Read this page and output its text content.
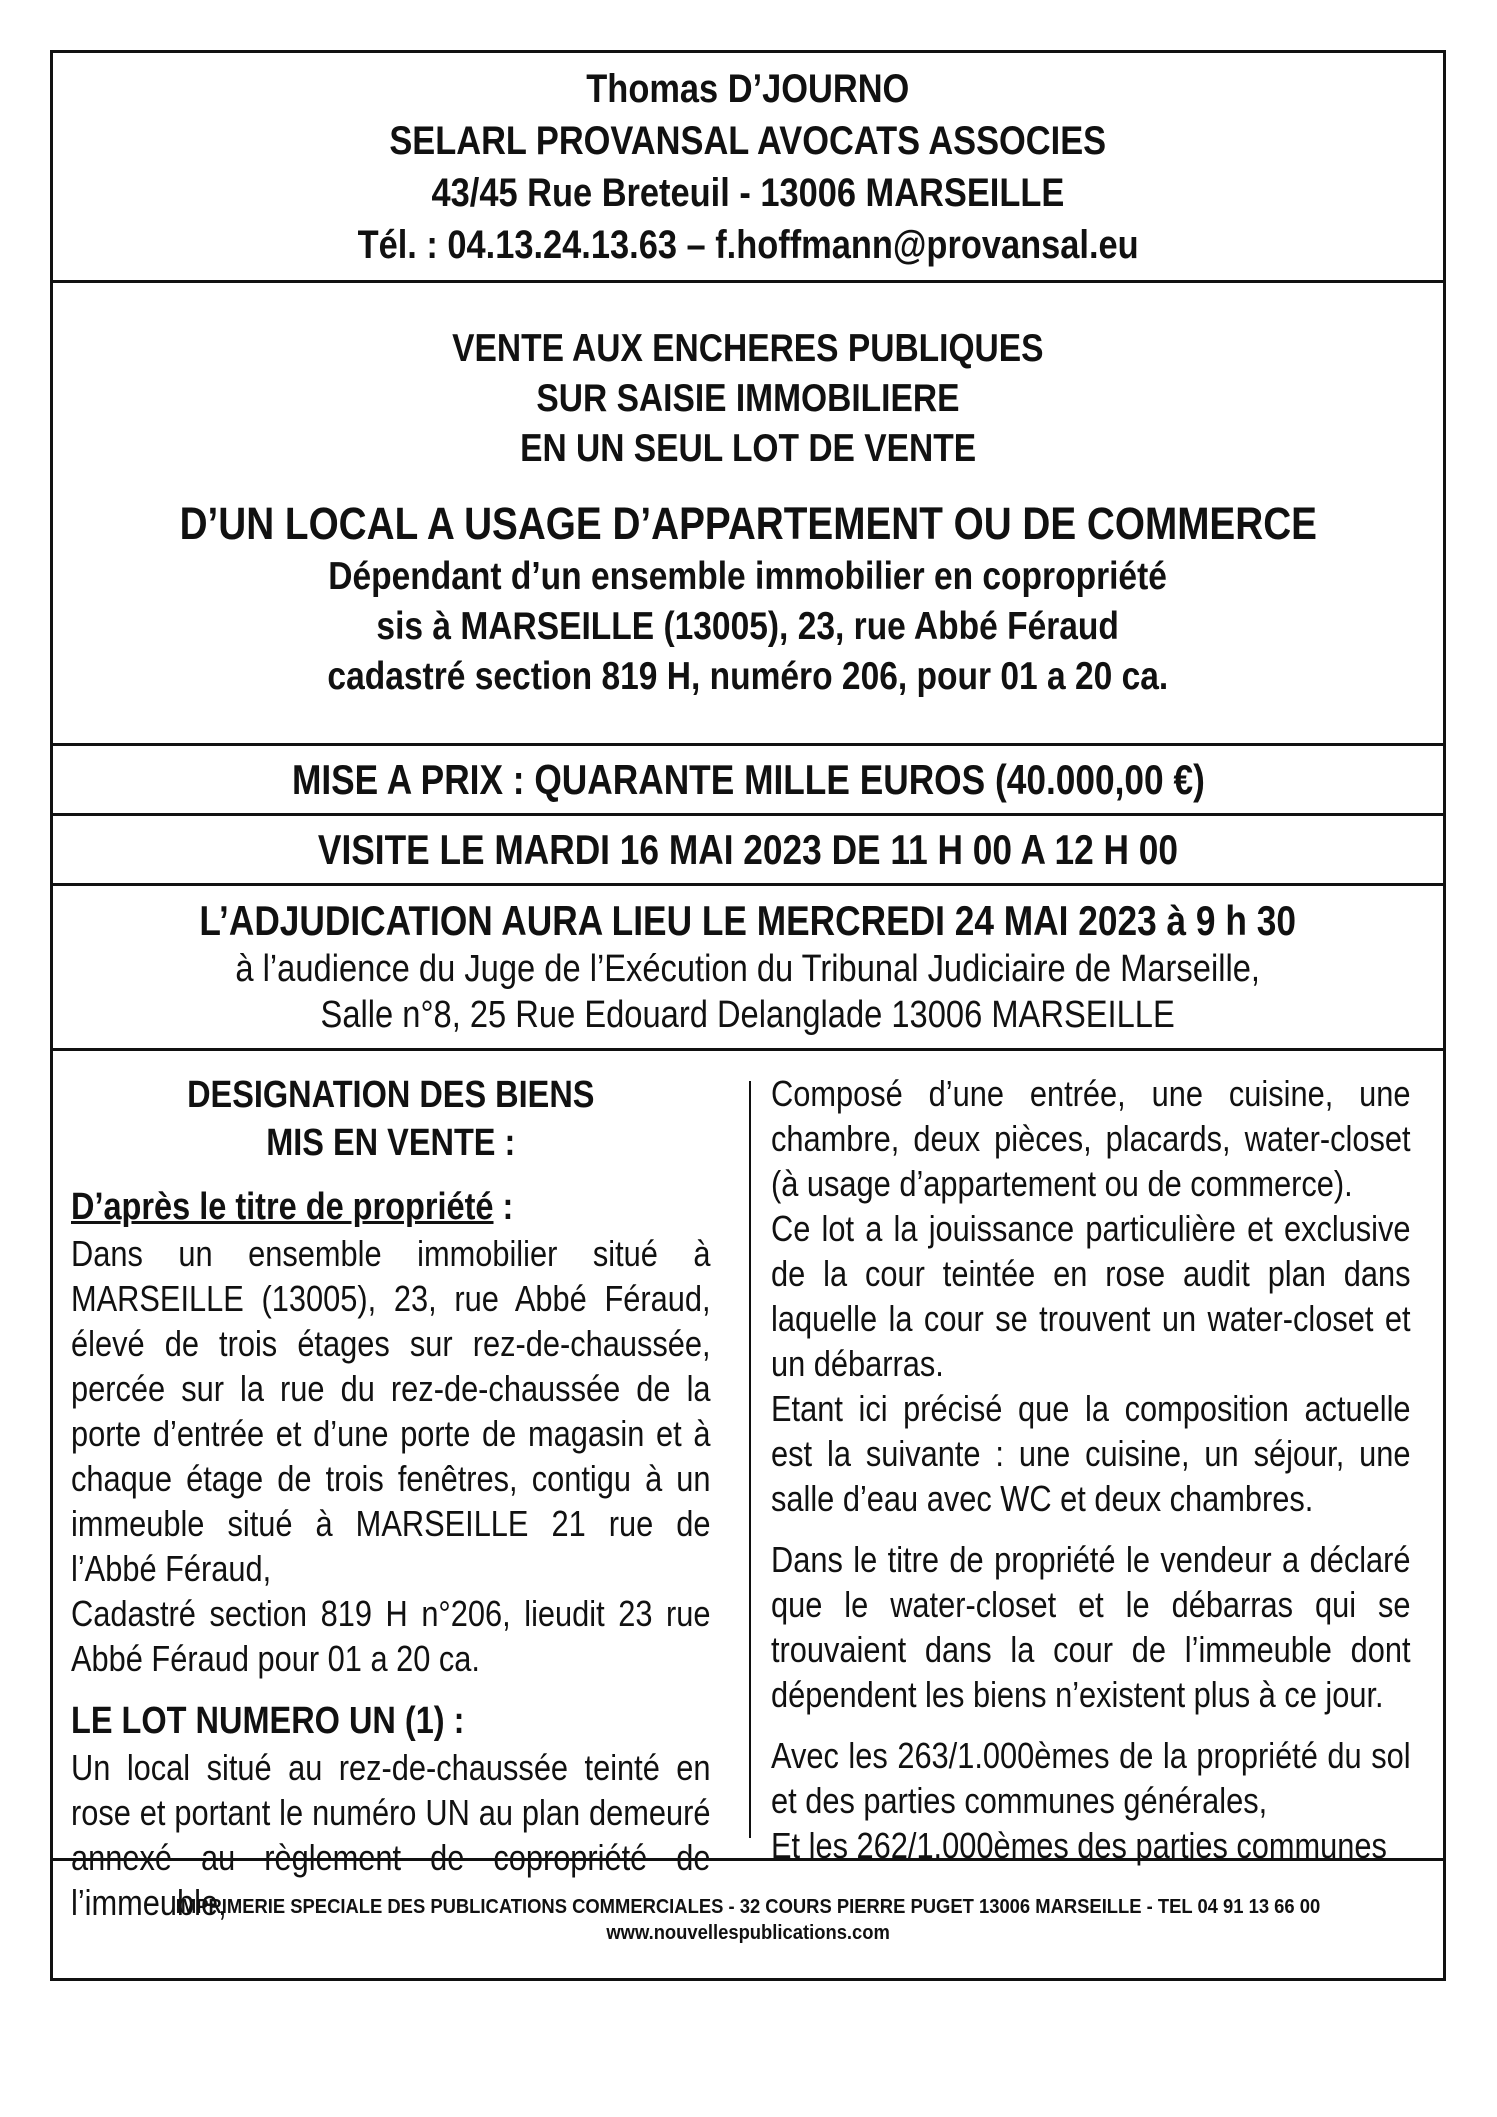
Thomas D’JOURNO
SELARL PROVANSAL AVOCATS ASSOCIES
43/45 Rue Breteuil - 13006 MARSEILLE
Tél. : 04.13.24.13.63 – f.hoffmann@provansal.eu
VENTE AUX ENCHERES PUBLIQUES
SUR SAISIE IMMOBILIERE
EN UN SEUL LOT DE VENTE
D’UN LOCAL A USAGE D’APPARTEMENT OU DE COMMERCE
Dépendant d’un ensemble immobilier en copropriété
sis à MARSEILLE (13005), 23, rue Abbé Féraud
cadastré section 819 H, numéro 206, pour 01 a 20 ca.
MISE A PRIX : QUARANTE MILLE EUROS (40.000,00 €)
VISITE LE MARDI 16 MAI 2023 DE 11 H 00 A 12 H 00
L’ADJUDICATION AURA LIEU LE MERCREDI 24 MAI 2023 à 9 h 30
à l’audience du Juge de l’Exécution du Tribunal Judiciaire de Marseille,
Salle n°8, 25 Rue Edouard Delanglade 13006 MARSEILLE

DESIGNATION DES BIENS

MIS EN VENTE :

D’après le titre de propriété :

Dans un ensemble immobilier situé à MARSEILLE (13005), 23, rue Abbé Féraud, élevé de trois étages sur rez-de-chaussée, percée sur la rue du rez-de-chaussée de la porte d’entrée et d’une porte de magasin et à chaque étage de trois fenêtres, contigu à un immeuble situé à MARSEILLE 21 rue de l’Abbé Féraud,

Cadastré section 819 H n°206, lieudit 23 rue Abbé Féraud pour 01 a 20 ca.

LE LOT NUMERO UN (1) :

Un local situé au rez-de-chaussée teinté en rose et portant le numéro UN au plan demeuré annexé au règlement de copropriété de l’immeuble,

Composé d’une entrée, une cuisine, une chambre, deux pièces, placards, water-closet (à usage d’appartement ou de commerce).

Ce lot a la jouissance particulière et exclusive de la cour teintée en rose audit plan dans laquelle la cour se trouvent un water-closet et un débarras.

Etant ici précisé que la composition actuelle est la suivante : une cuisine, un séjour, une salle d’eau avec WC et deux chambres.

Dans le titre de propriété le vendeur a déclaré que le water-closet et le débarras qui se trouvaient dans la cour de l’immeuble dont dépendent les biens n’existent plus à ce jour.

Avec les 263/1.000èmes de la propriété du sol et des parties communes générales,

Et les 262/1.000èmes des parties communes

IMPRIMERIE SPECIALE DES PUBLICATIONS COMMERCIALES - 32 COURS PIERRE PUGET 13006 MARSEILLE - TEL 04 91 13 66 00
www.nouvellespublications.com
